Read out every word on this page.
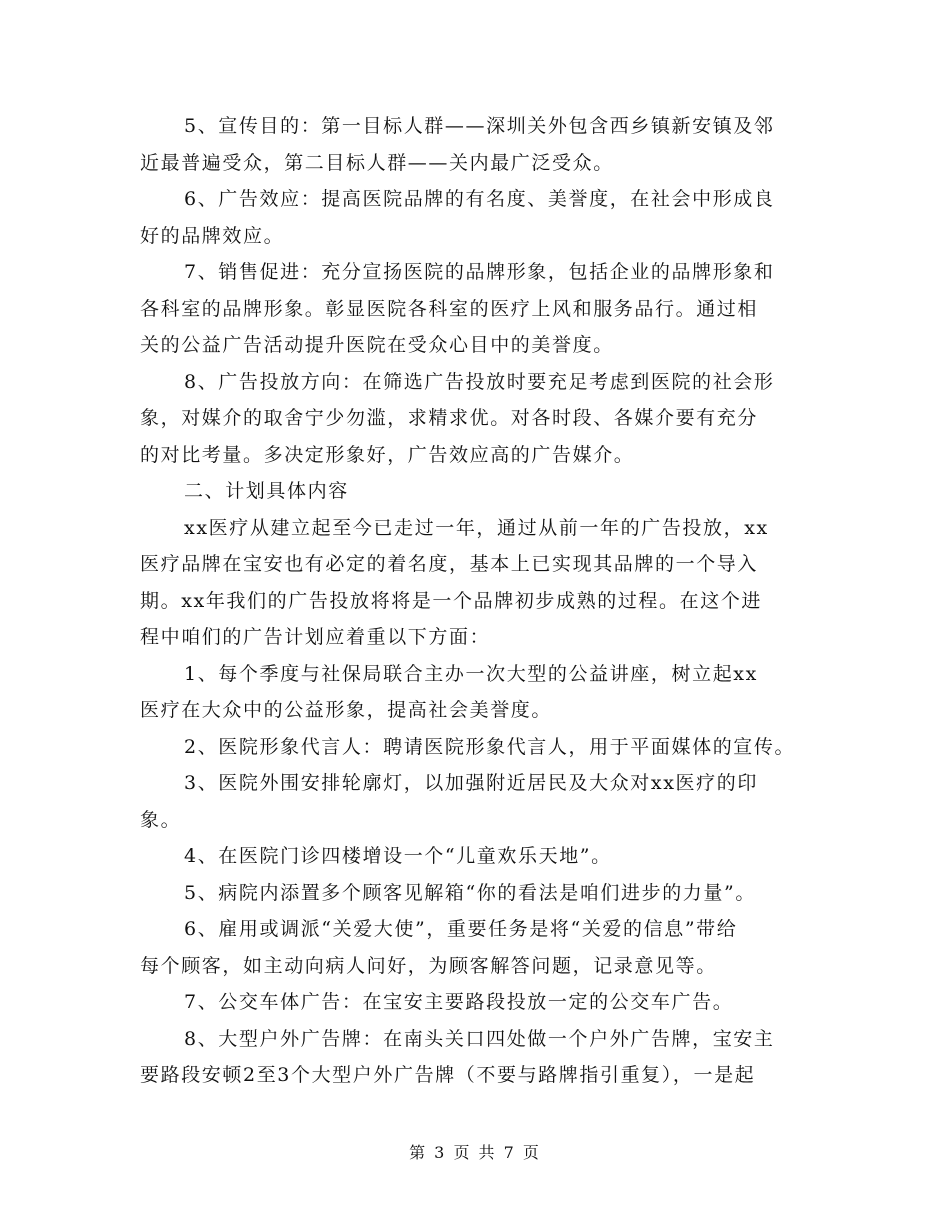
5、宣传目的：第一目标人群——深圳关外包含西乡镇新安镇及邻
近最普遍受众，第二目标人群——关内最广泛受众。
6、广告效应：提高医院品牌的有名度、美誉度，在社会中形成良
好的品牌效应。
7、销售促进：充分宣扬医院的品牌形象，包括企业的品牌形象和
各科室的品牌形象。彰显医院各科室的医疗上风和服务品行。通过相
关的公益广告活动提升医院在受众心目中的美誉度。
8、广告投放方向：在筛选广告投放时要充足考虑到医院的社会形
象，对媒介的取舍宁少勿滥，求精求优。对各时段、各媒介要有充分
的对比考量。多决定形象好，广告效应高的广告媒介。
二、计划具体内容
xx医疗从建立起至今已走过一年，通过从前一年的广告投放，xx
医疗品牌在宝安也有必定的着名度，基本上已实现其品牌的一个导入
期。xx年我们的广告投放将将是一个品牌初步成熟的过程。在这个进
程中咱们的广告计划应着重以下方面：
1、每个季度与社保局联合主办一次大型的公益讲座，树立起xx
医疗在大众中的公益形象，提高社会美誉度。
2、医院形象代言人：聘请医院形象代言人，用于平面媒体的宣传。
3、医院外围安排轮廓灯，以加强附近居民及大众对xx医疗的印
象。
4、在医院门诊四楼增设一个“儿童欢乐天地”。
5、病院内添置多个顾客见解箱“你的看法是咱们进步的力量”。
6、雇用或调派“关爱大使”，重要任务是将“关爱的信息”带给
每个顾客，如主动向病人问好，为顾客解答问题，记录意见等。
7、公交车体广告：在宝安主要路段投放一定的公交车广告。
8、大型户外广告牌：在南头关口四处做一个户外广告牌，宝安主
要路段安顿2至3个大型户外广告牌（不要与路牌指引重复），一是起
第 3 页 共 7 页
